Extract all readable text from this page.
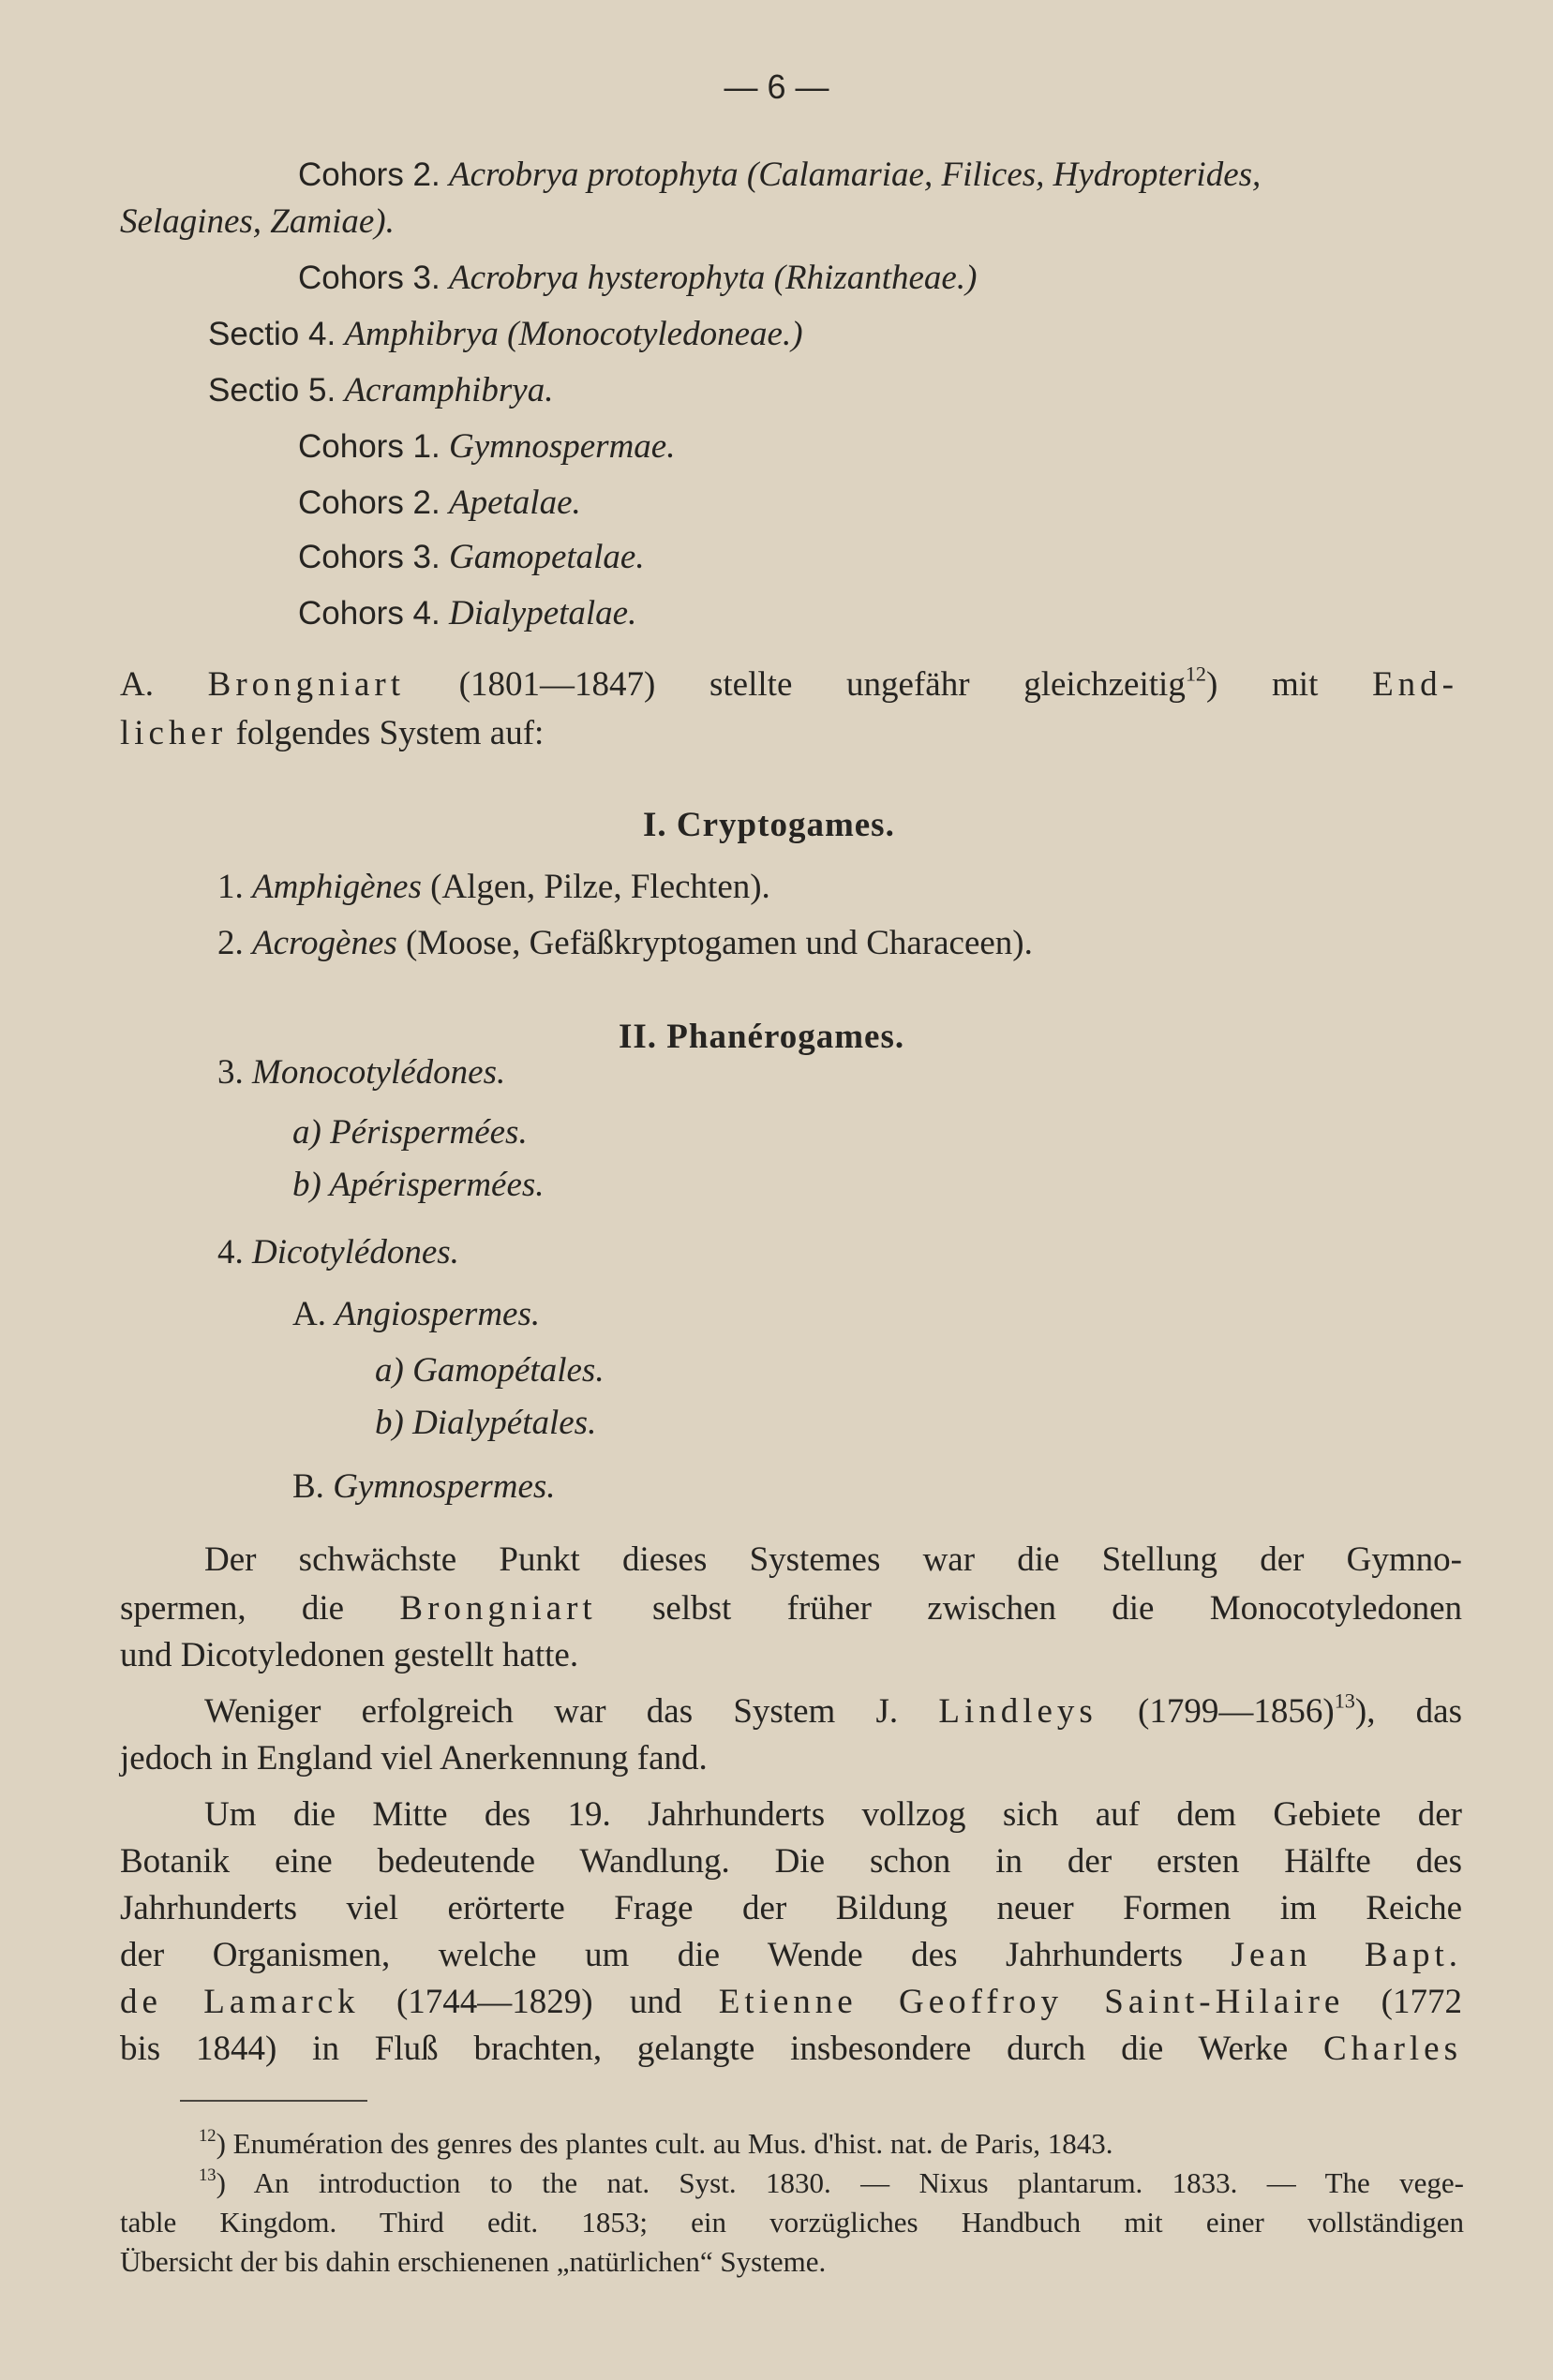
— 6 —
Cohors 2. Acrobrya protophyta (Calamariae, Filices, Hydropterides,
Selagines, Zamiae).
Cohors 3. Acrobrya hysterophyta (Rhizantheae.)
Sectio 4. Amphibrya (Monocotyledoneae.)
Sectio 5. Acramphibrya.
Cohors 1. Gymnospermae.
Cohors 2. Apetalae.
Cohors 3. Gamopetalae.
Cohors 4. Dialypetalae.
A. Brongniart (1801—1847) stellte ungefähr gleichzeitig$^{12}$) mit End-
licher folgendes System auf:
I. Cryptogames.
1. Amphigènes (Algen, Pilze, Flechten).
2. Acrogènes (Moose, Gefäßkryptogamen und Characeen).
II. Phanérogames.
3. Monocotylédones.
a) Périspermées.
b) Apérispermées.
4. Dicotylédones.
A. Angiospermes.
a) Gamopétales.
b) Dialypétales.
B. Gymnospermes.
Der schwächste Punkt dieses Systemes war die Stellung der Gymno-
spermen, die Brongniart selbst früher zwischen die Monocotyledonen
und Dicotyledonen gestellt hatte.
Weniger erfolgreich war das System J. Lindleys (1799—1856)$^{13}$), das
jedoch in England viel Anerkennung fand.
Um die Mitte des 19. Jahrhunderts vollzog sich auf dem Gebiete der
Botanik eine bedeutende Wandlung. Die schon in der ersten Hälfte des
Jahrhunderts viel erörterte Frage der Bildung neuer Formen im Reiche
der Organismen, welche um die Wende des Jahrhunderts Jean Bapt.
de Lamarck (1744—1829) und Etienne Geoffroy Saint-Hilaire (1772
bis 1844) in Fluß brachten, gelangte insbesondere durch die Werke Charles
$^{12}$) Enumération des genres des plantes cult. au Mus. d'hist. nat. de Paris, 1843.
$^{13}$) An introduction to the nat. Syst. 1830. — Nixus plantarum. 1833. — The vege-
table Kingdom. Third edit. 1853; ein vorzügliches Handbuch mit einer vollständigen
Übersicht der bis dahin erschienenen „natürlichen“ Systeme.
